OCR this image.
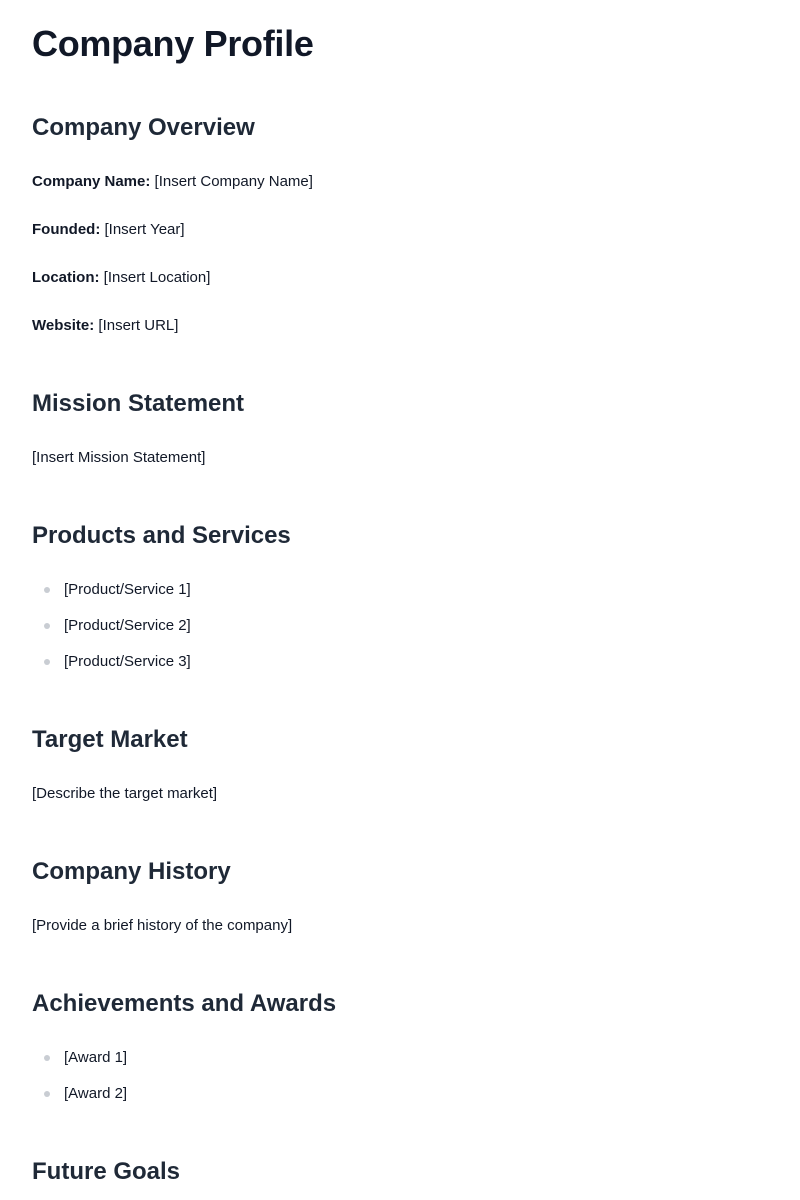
Company Profile
Company Overview

Company Name: [Insert Company Name]

Founded: [Insert Year]

Location: [Insert Location]

Website: [Insert URL]

Mission Statement

[Insert Mission Statement]

Products and Services

[Product/Service 1]

[Product/Service 2]

[Product/Service 3]

Target Market

[Describe the target market]

Company History

[Provide a brief history of the company]

Achievements and Awards

[Award 1]

[Award 2]

Future Goals
